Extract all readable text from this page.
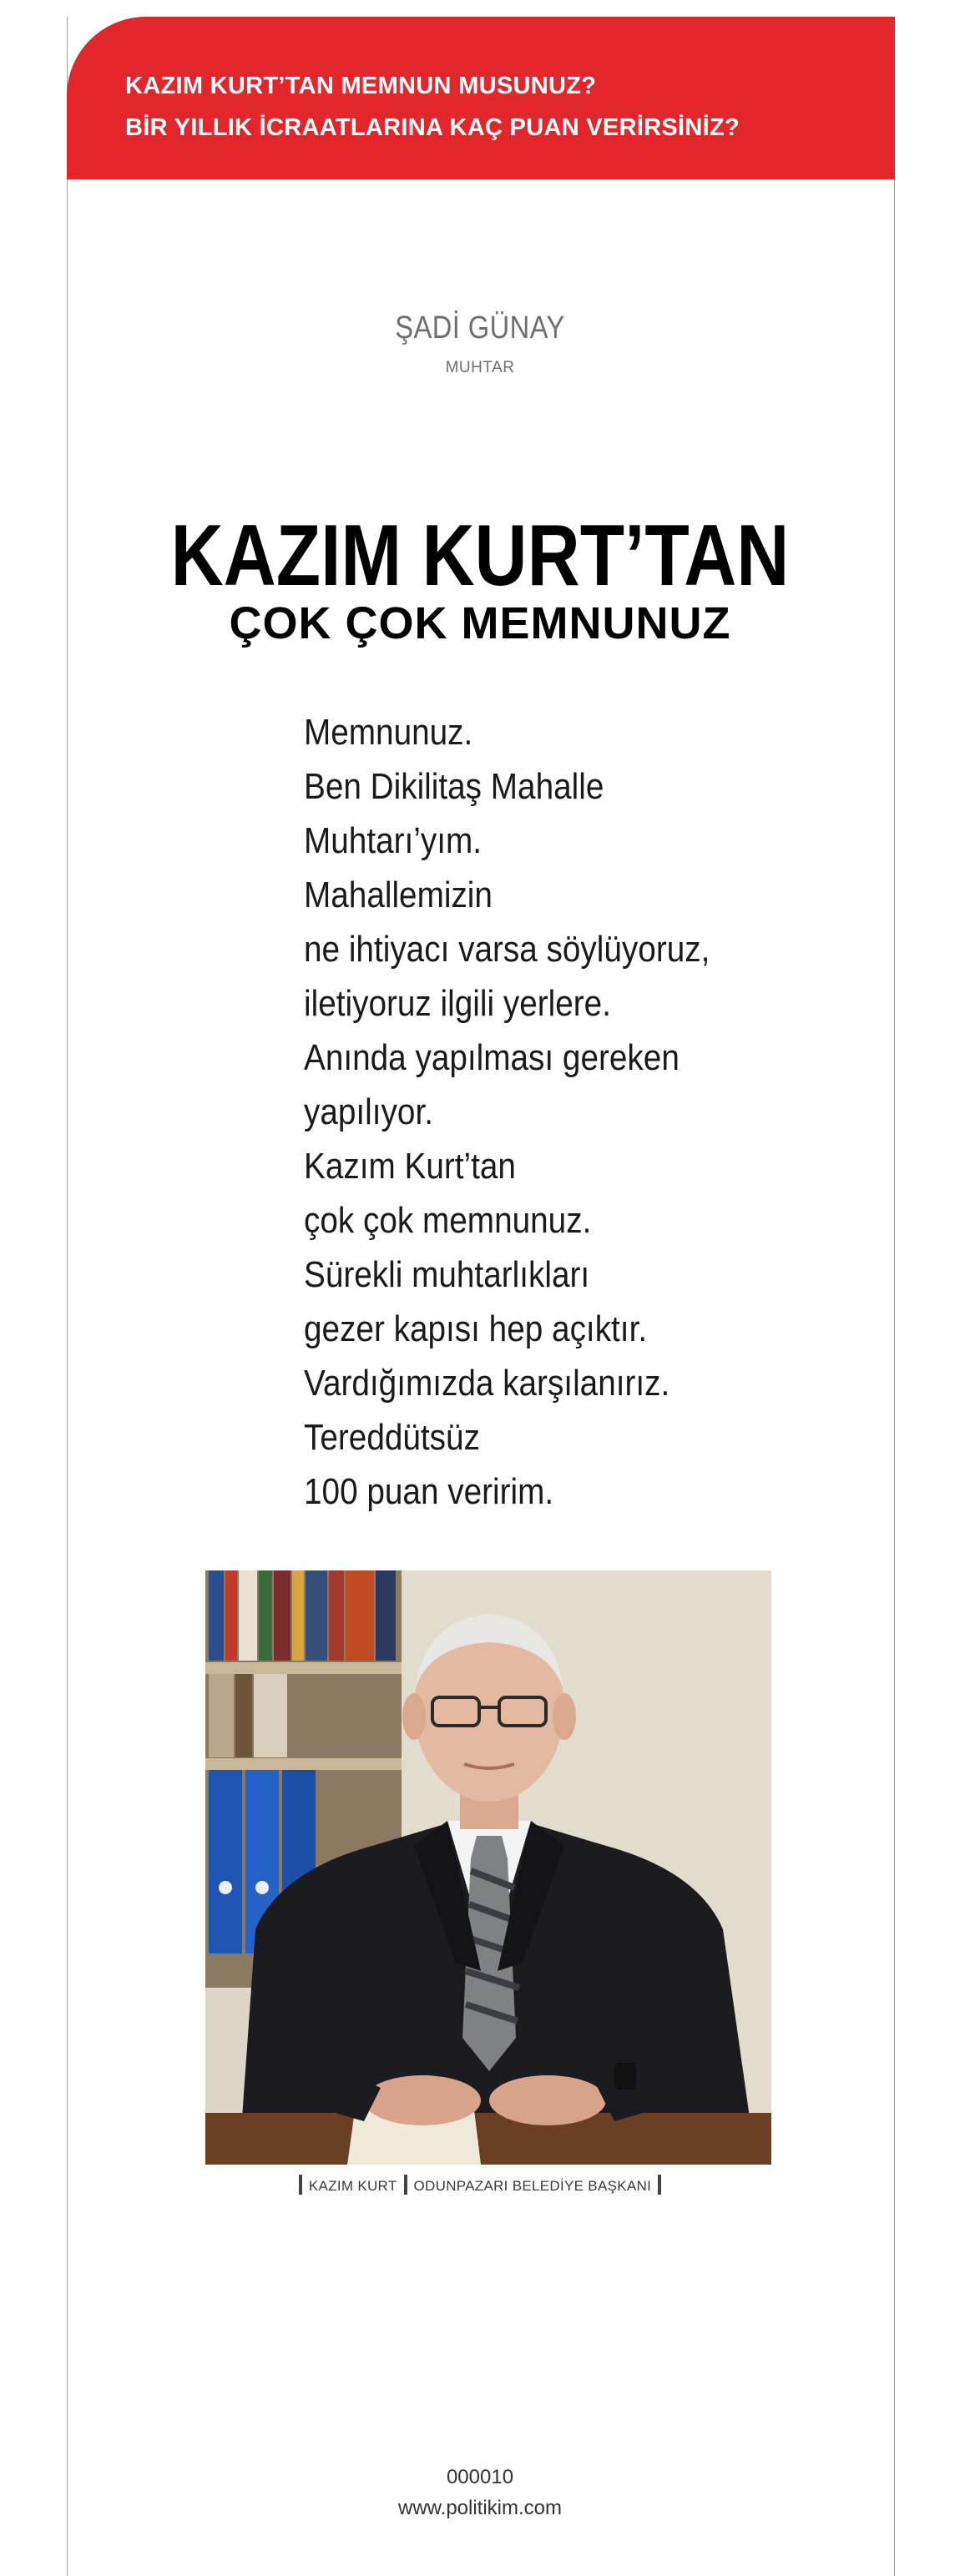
KAZIM KURT’TAN MEMNUN MUSUNUZ?
BİR YILLIK İCRAATLARINA KAÇ PUAN VERİRSİNİZ?
ŞADİ GÜNAY
MUHTAR
KAZIM KURT’TAN
ÇOK ÇOK MEMNUNUZ
Memnunuz.
Ben Dikilitaş Mahalle
Muhtarı’yım.
Mahallemizin
ne ihtiyacı varsa söylüyoruz,
iletiyoruz ilgili yerlere.
Anında yapılması gereken
yapılıyor.
Kazım Kurt’tan
çok çok memnunuz.
Sürekli muhtarlıkları
gezer kapısı hep açıktır.
Vardığımızda karşılanırız.
Tereddütsüz
100 puan veririm.
KAZIM KURT ODUNPAZARI BELEDİYE BAŞKANI
000010
www.politikim.com
